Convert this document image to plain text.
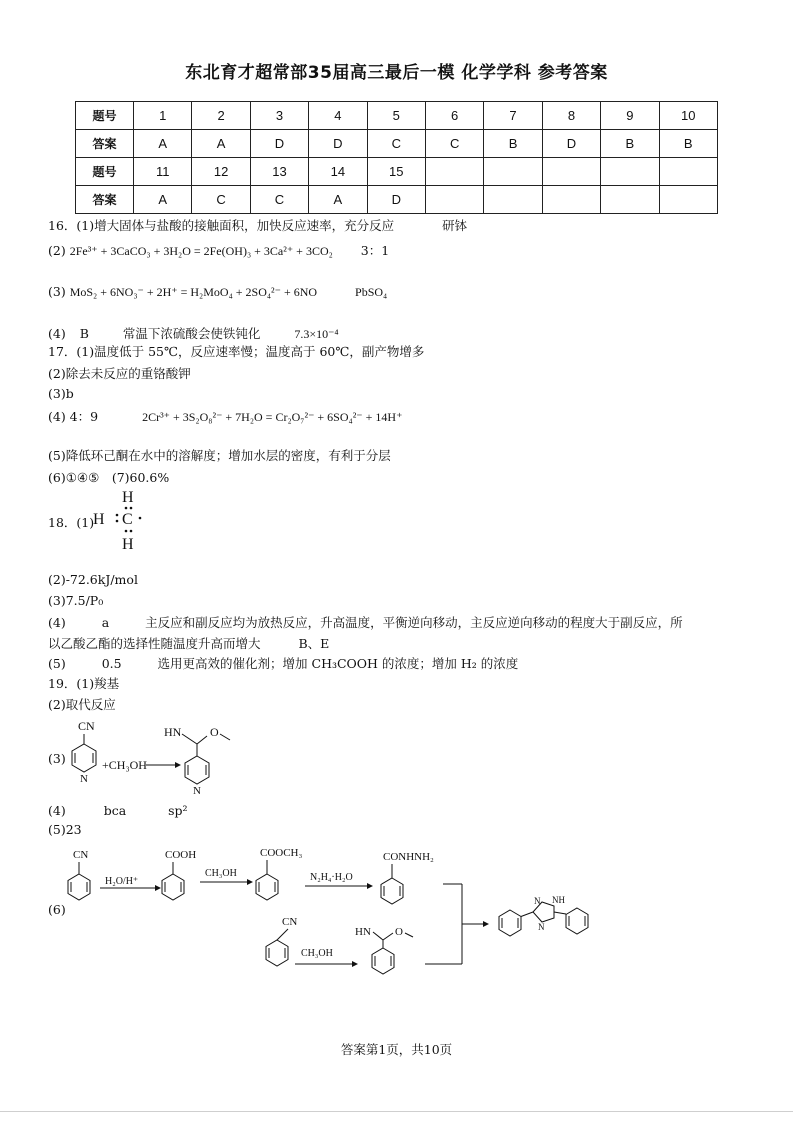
东北育才超常部35届高三最后一模 化学学科 参考答案
题号	1	2	3	4	5	6	7	8	9	10
答案	A	A	D	D	C	C	B	D	B	B
题号	11	12	13	14	15					
答案	A	C	C	A	D					
16．(1)增大固体与盐酸的接触面积，加快反应速率，充分反应	研钵
(2) 2Fe³⁺ + 3CaCO₃ + 3H₂O = 2Fe(OH)₃ + 3Ca²⁺ + 3CO₂ 3：1
(3) MoS₂ + 6NO₃⁻ + 2H⁺ = H₂MoO₄ + 2SO₄²⁻ + 6NO	PbSO₄
(4) B	常温下浓硫酸会使铁钝化	7.3×10⁻⁴
17．(1)温度低于 55℃，反应速率慢；温度高于 60℃，副产物增多
(2)除去未反应的重铬酸钾
(3)b
(4) 4：9	2Cr³⁺ + 3S₂O₈²⁻ + 7H₂O = Cr₂O₇²⁻ + 6SO₄²⁻ + 14H⁺
(5)降低环己酮在水中的溶解度；增加水层的密度，有利于分层
(6)①④⑤　(7)60.6%
18．(1)
H
H C
H
(2)-72.6kJ/mol
(3)7.5/P₀
(4)	a	主反应和副反应均为放热反应，升高温度，平衡逆向移动，主反应逆向移动的程度大于副反应，所
以乙酸乙酯的选择性随温度升高而增大	B、E
(5)	0.5	选用更高效的催化剂；增加 CH₃COOH 的浓度；增加 H₂ 的浓度
19．(1)羧基
(2)取代反应
(3)
CN
N
+CH₃OH
HN O
N
(4)	bca	sp²
(5)23
(6)
CN
H₂O/H⁺
COOH
CH₃OH
COOCH₃
N₂H₄·H₂O
CONHNH₂
CN
CH₃OH
HN O
N NH
N
答案第1页，共10页
